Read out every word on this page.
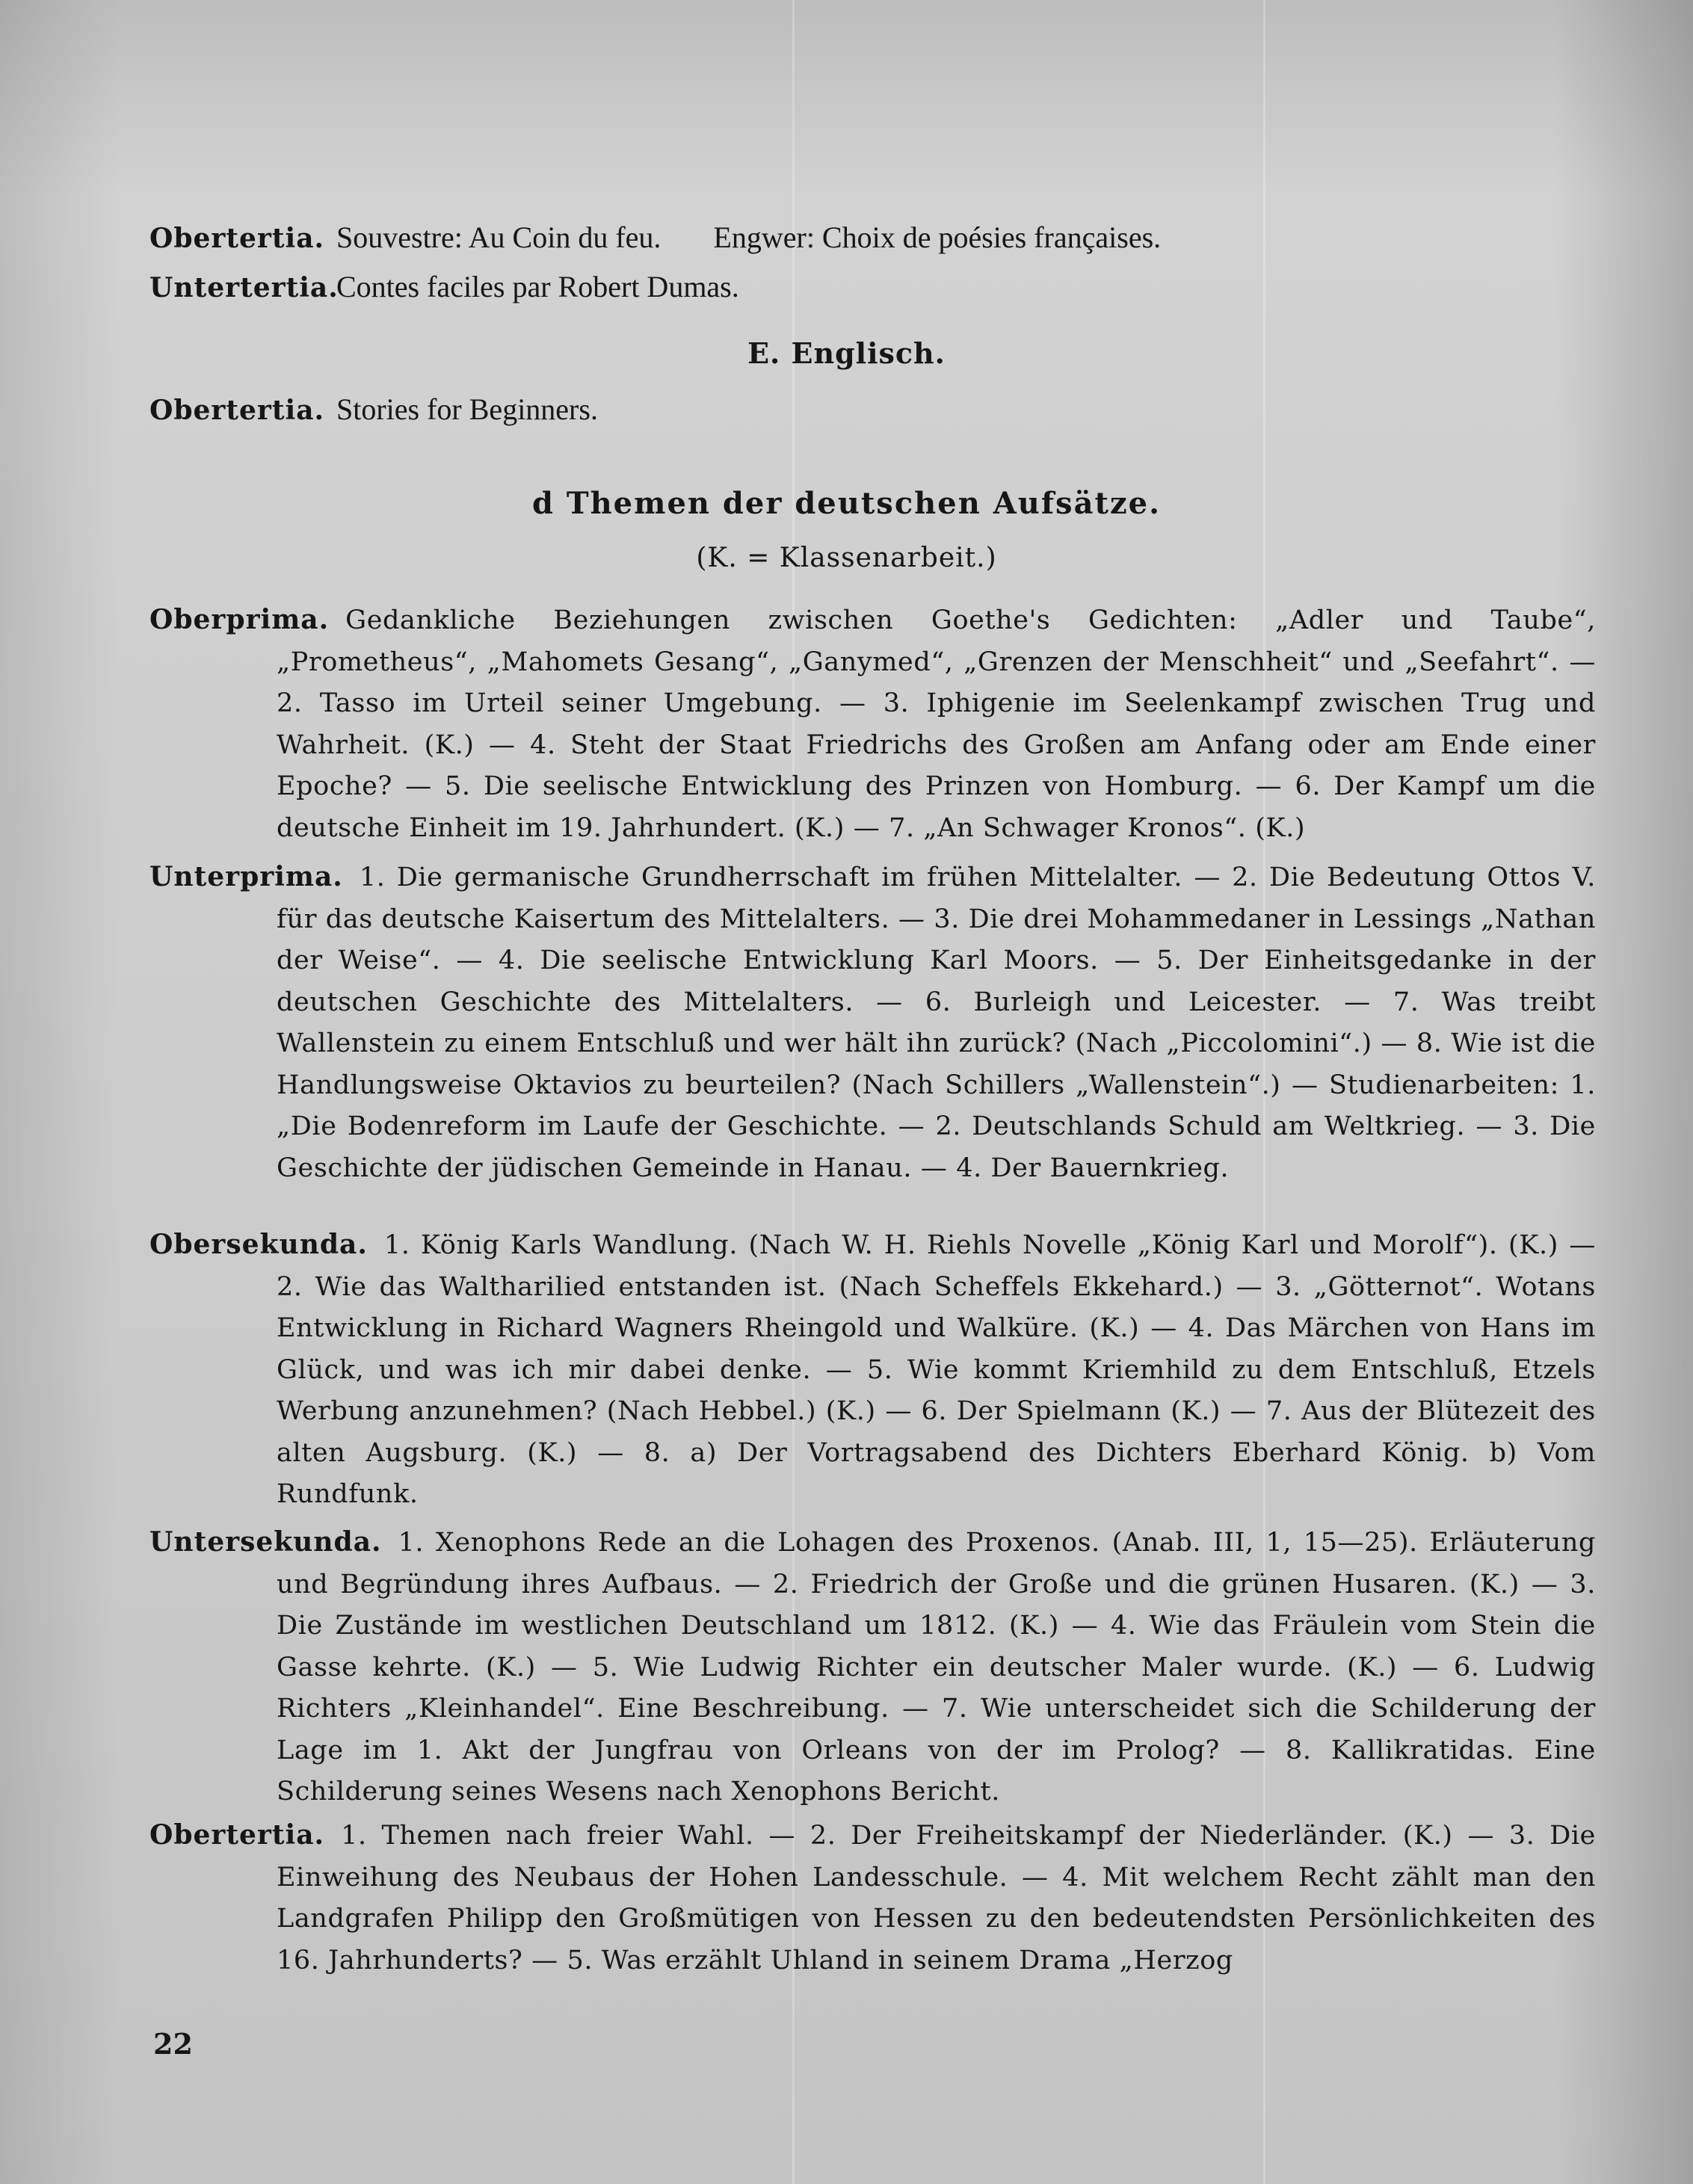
Obertertia. Souvestre: Au Coin du feu. Engwer: Choix de poésies françaises.
Untertertia.Contes faciles par Robert Dumas.
E. Englisch.
Obertertia. Stories for Beginners.
d Themen der deutschen Aufsätze.
(K. = Klassenarbeit.)
Oberprima. Gedankliche Beziehungen zwischen Goethe's Gedichten: „Adler und Taube“, „Prometheus“, „Mahomets Gesang“, „Ganymed“, „Grenzen der Menschheit“ und „Seefahrt“. — 2. Tasso im Urteil seiner Umgebung. — 3. Iphigenie im Seelenkampf zwischen Trug und Wahrheit. (K.) — 4. Steht der Staat Friedrichs des Großen am Anfang oder am Ende einer Epoche? — 5. Die seelische Entwicklung des Prinzen von Homburg. — 6. Der Kampf um die deutsche Einheit im 19. Jahrhundert. (K.) — 7. „An Schwager Kronos“. (K.)
Unterprima. 1. Die germanische Grundherrschaft im frühen Mittelalter. — 2. Die Bedeutung Ottos V. für das deutsche Kaisertum des Mittelalters. — 3. Die drei Mohammedaner in Lessings „Nathan der Weise“. — 4. Die seelische Entwicklung Karl Moors. — 5. Der Einheitsgedanke in der deutschen Geschichte des Mittelalters. — 6. Burleigh und Leicester. — 7. Was treibt Wallenstein zu einem Entschluß und wer hält ihn zurück? (Nach „Piccolomini“.) — 8. Wie ist die Handlungsweise Oktavios zu beurteilen? (Nach Schillers „Wallenstein“.) — Studienarbeiten: 1. „Die Bodenreform im Laufe der Geschichte. — 2. Deutschlands Schuld am Weltkrieg. — 3. Die Geschichte der jüdischen Gemeinde in Hanau. — 4. Der Bauernkrieg.
Obersekunda. 1. König Karls Wandlung. (Nach W. H. Riehls Novelle „König Karl und Morolf“). (K.) — 2. Wie das Waltharilied entstanden ist. (Nach Scheffels Ekkehard.) — 3. „Götternot“. Wotans Entwicklung in Richard Wagners Rheingold und Walküre. (K.) — 4. Das Märchen von Hans im Glück, und was ich mir dabei denke. — 5. Wie kommt Kriemhild zu dem Entschluß, Etzels Werbung anzunehmen? (Nach Hebbel.) (K.) — 6. Der Spielmann (K.) — 7. Aus der Blütezeit des alten Augsburg. (K.) — 8. a) Der Vortragsabend des Dichters Eberhard König. b) Vom Rundfunk.
Untersekunda. 1. Xenophons Rede an die Lohagen des Proxenos. (Anab. III, 1, 15—25). Erläuterung und Begründung ihres Aufbaus. — 2. Friedrich der Große und die grünen Husaren. (K.) — 3. Die Zustände im westlichen Deutschland um 1812. (K.) — 4. Wie das Fräulein vom Stein die Gasse kehrte. (K.) — 5. Wie Ludwig Richter ein deutscher Maler wurde. (K.) — 6. Ludwig Richters „Kleinhandel“. Eine Beschreibung. — 7. Wie unterscheidet sich die Schilderung der Lage im 1. Akt der Jungfrau von Orleans von der im Prolog? — 8. Kallikratidas. Eine Schilderung seines Wesens nach Xenophons Bericht.
Obertertia. 1. Themen nach freier Wahl. — 2. Der Freiheitskampf der Niederländer. (K.) — 3. Die Einweihung des Neubaus der Hohen Landesschule. — 4. Mit welchem Recht zählt man den Landgrafen Philipp den Großmütigen von Hessen zu den bedeutendsten Persönlichkeiten des 16. Jahrhunderts? — 5. Was erzählt Uhland in seinem Drama „Herzog
22
